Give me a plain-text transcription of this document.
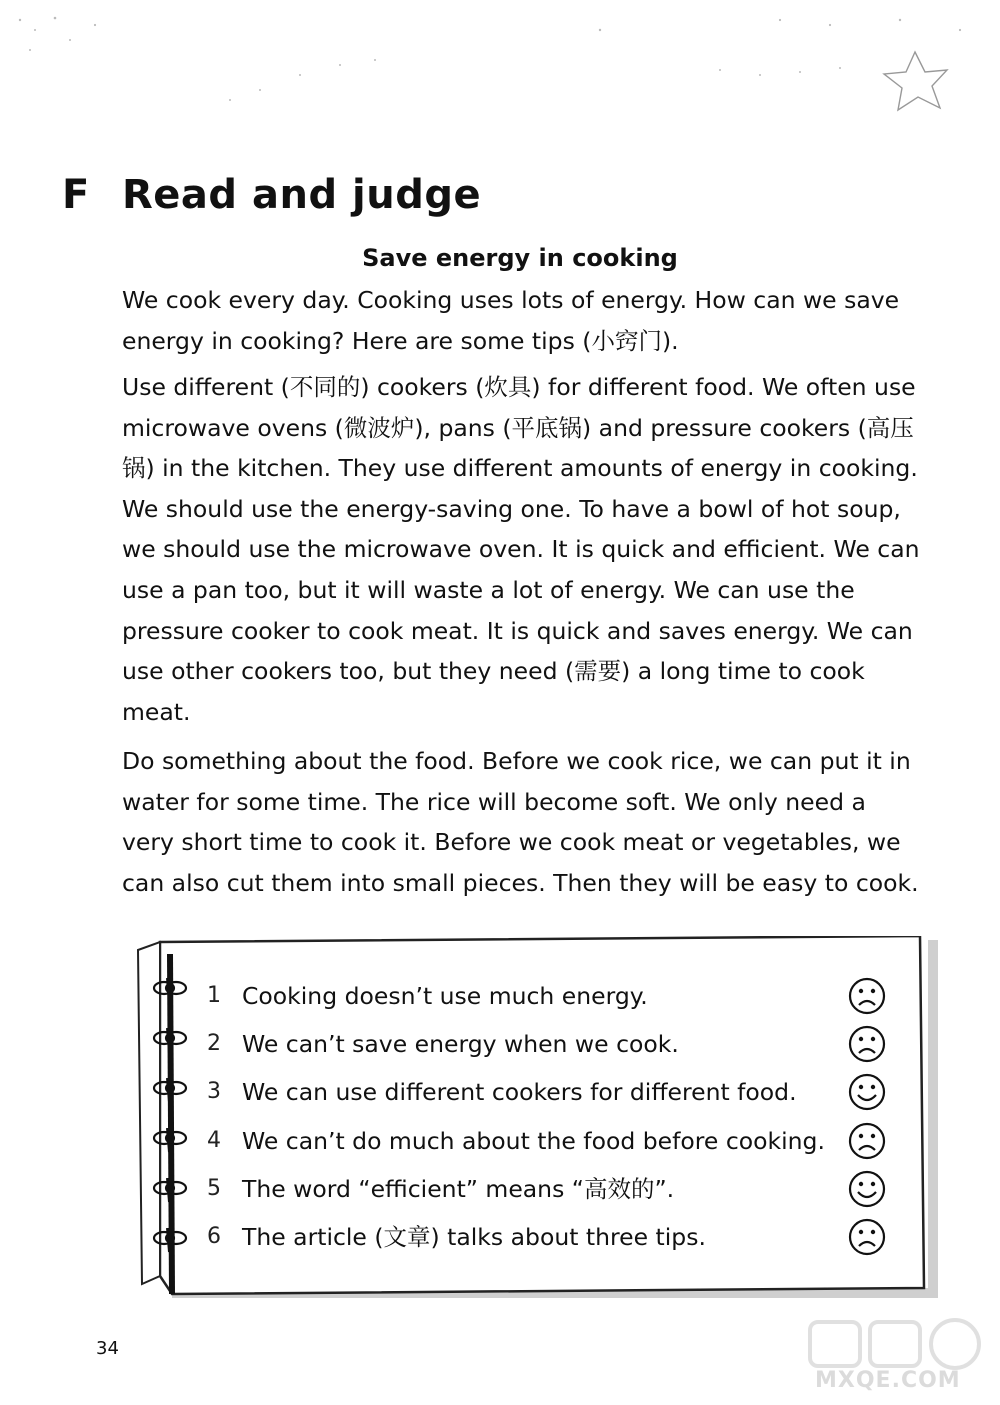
F Read and judge
Save energy in cooking

We cook every day. Cooking uses lots of energy. How can we save energy in cooking? Here are some tips (小窍门).

Use different (不同的) cookers (炊具) for different food. We often use microwave ovens (微波炉), pans (平底锅) and pressure cookers (高压锅) in the kitchen. They use different amounts of energy in cooking. We should use the energy-saving one. To have a bowl of hot soup, we should use the microwave oven. It is quick and efficient. We can use a pan too, but it will waste a lot of energy. We can use the pressure cooker to cook meat. It is quick and saves energy. We can use other cookers too, but they need (需要) a long time to cook meat.

Do something about the food. Before we cook rice, we can put it in water for some time. The rice will become soft. We only need a very short time to cook it. Before we cook meat or vegetables, we can also cut them into small pieces. Then they will be easy to cook.

1 Cooking doesn’t use much energy.
2 We can’t save energy when we cook.
3 We can use different cookers for different food.
4 We can’t do much about the food before cooking.
5 The word “efficient” means “高效的”.
6 The article (文章) talks about three tips.
34
MXQE.COM
